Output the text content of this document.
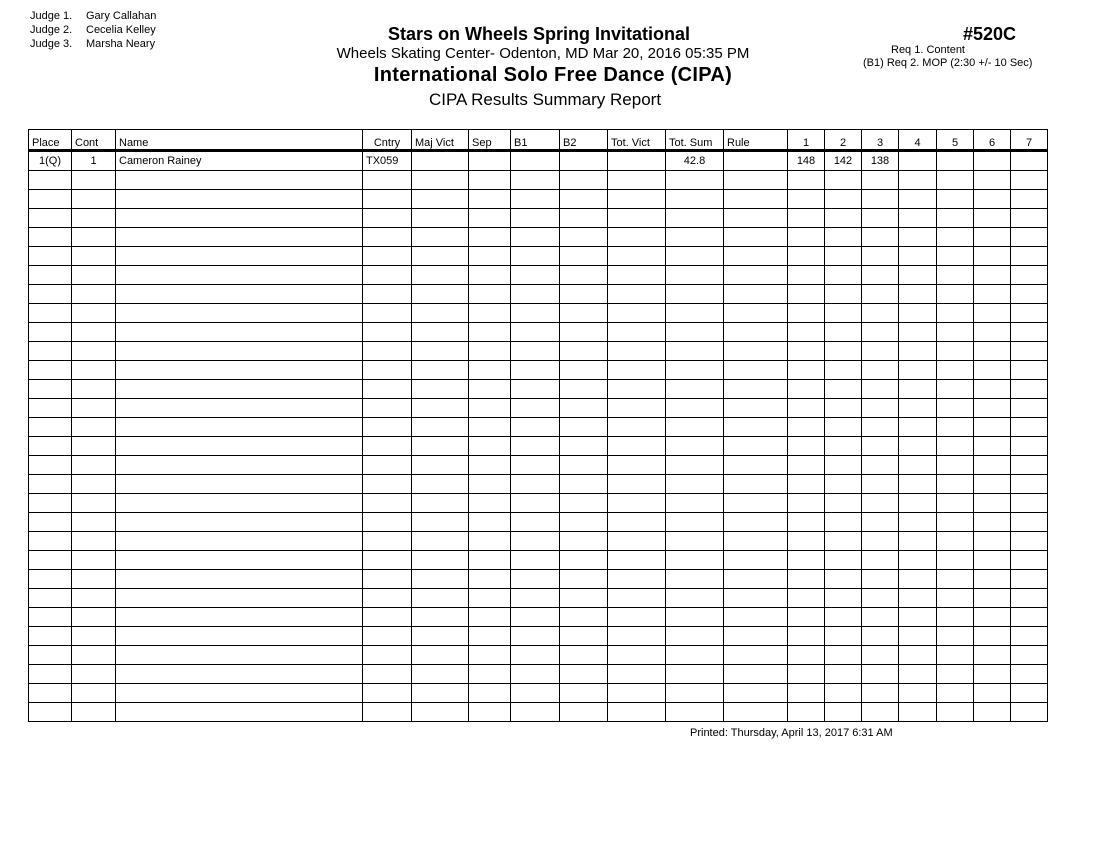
Judge 1. Gary Callahan
Judge 2. Cecelia Kelley
Judge 3. Marsha Neary	Stars on Wheels Spring Invitational
Wheels Skating Center- Odenton, MD Mar 20, 2016 05:35 PM
International Solo Free Dance (CIPA)
CIPA Results Summary Report
#520C
Req 1. Content
(B1) Req 2. MOP (2:30 +/- 10 Sec)
Place	Cont	Name	Cntry	Maj Vict	Sep	B1	B2	Tot. Vict	Tot. Sum	Rule	1	2	3	4	5	6	7
1(Q)	1	Cameron Rainey	TX059						42.8		148	142	138				

Printed: Thursday, April 13, 2017 6:31 AM
